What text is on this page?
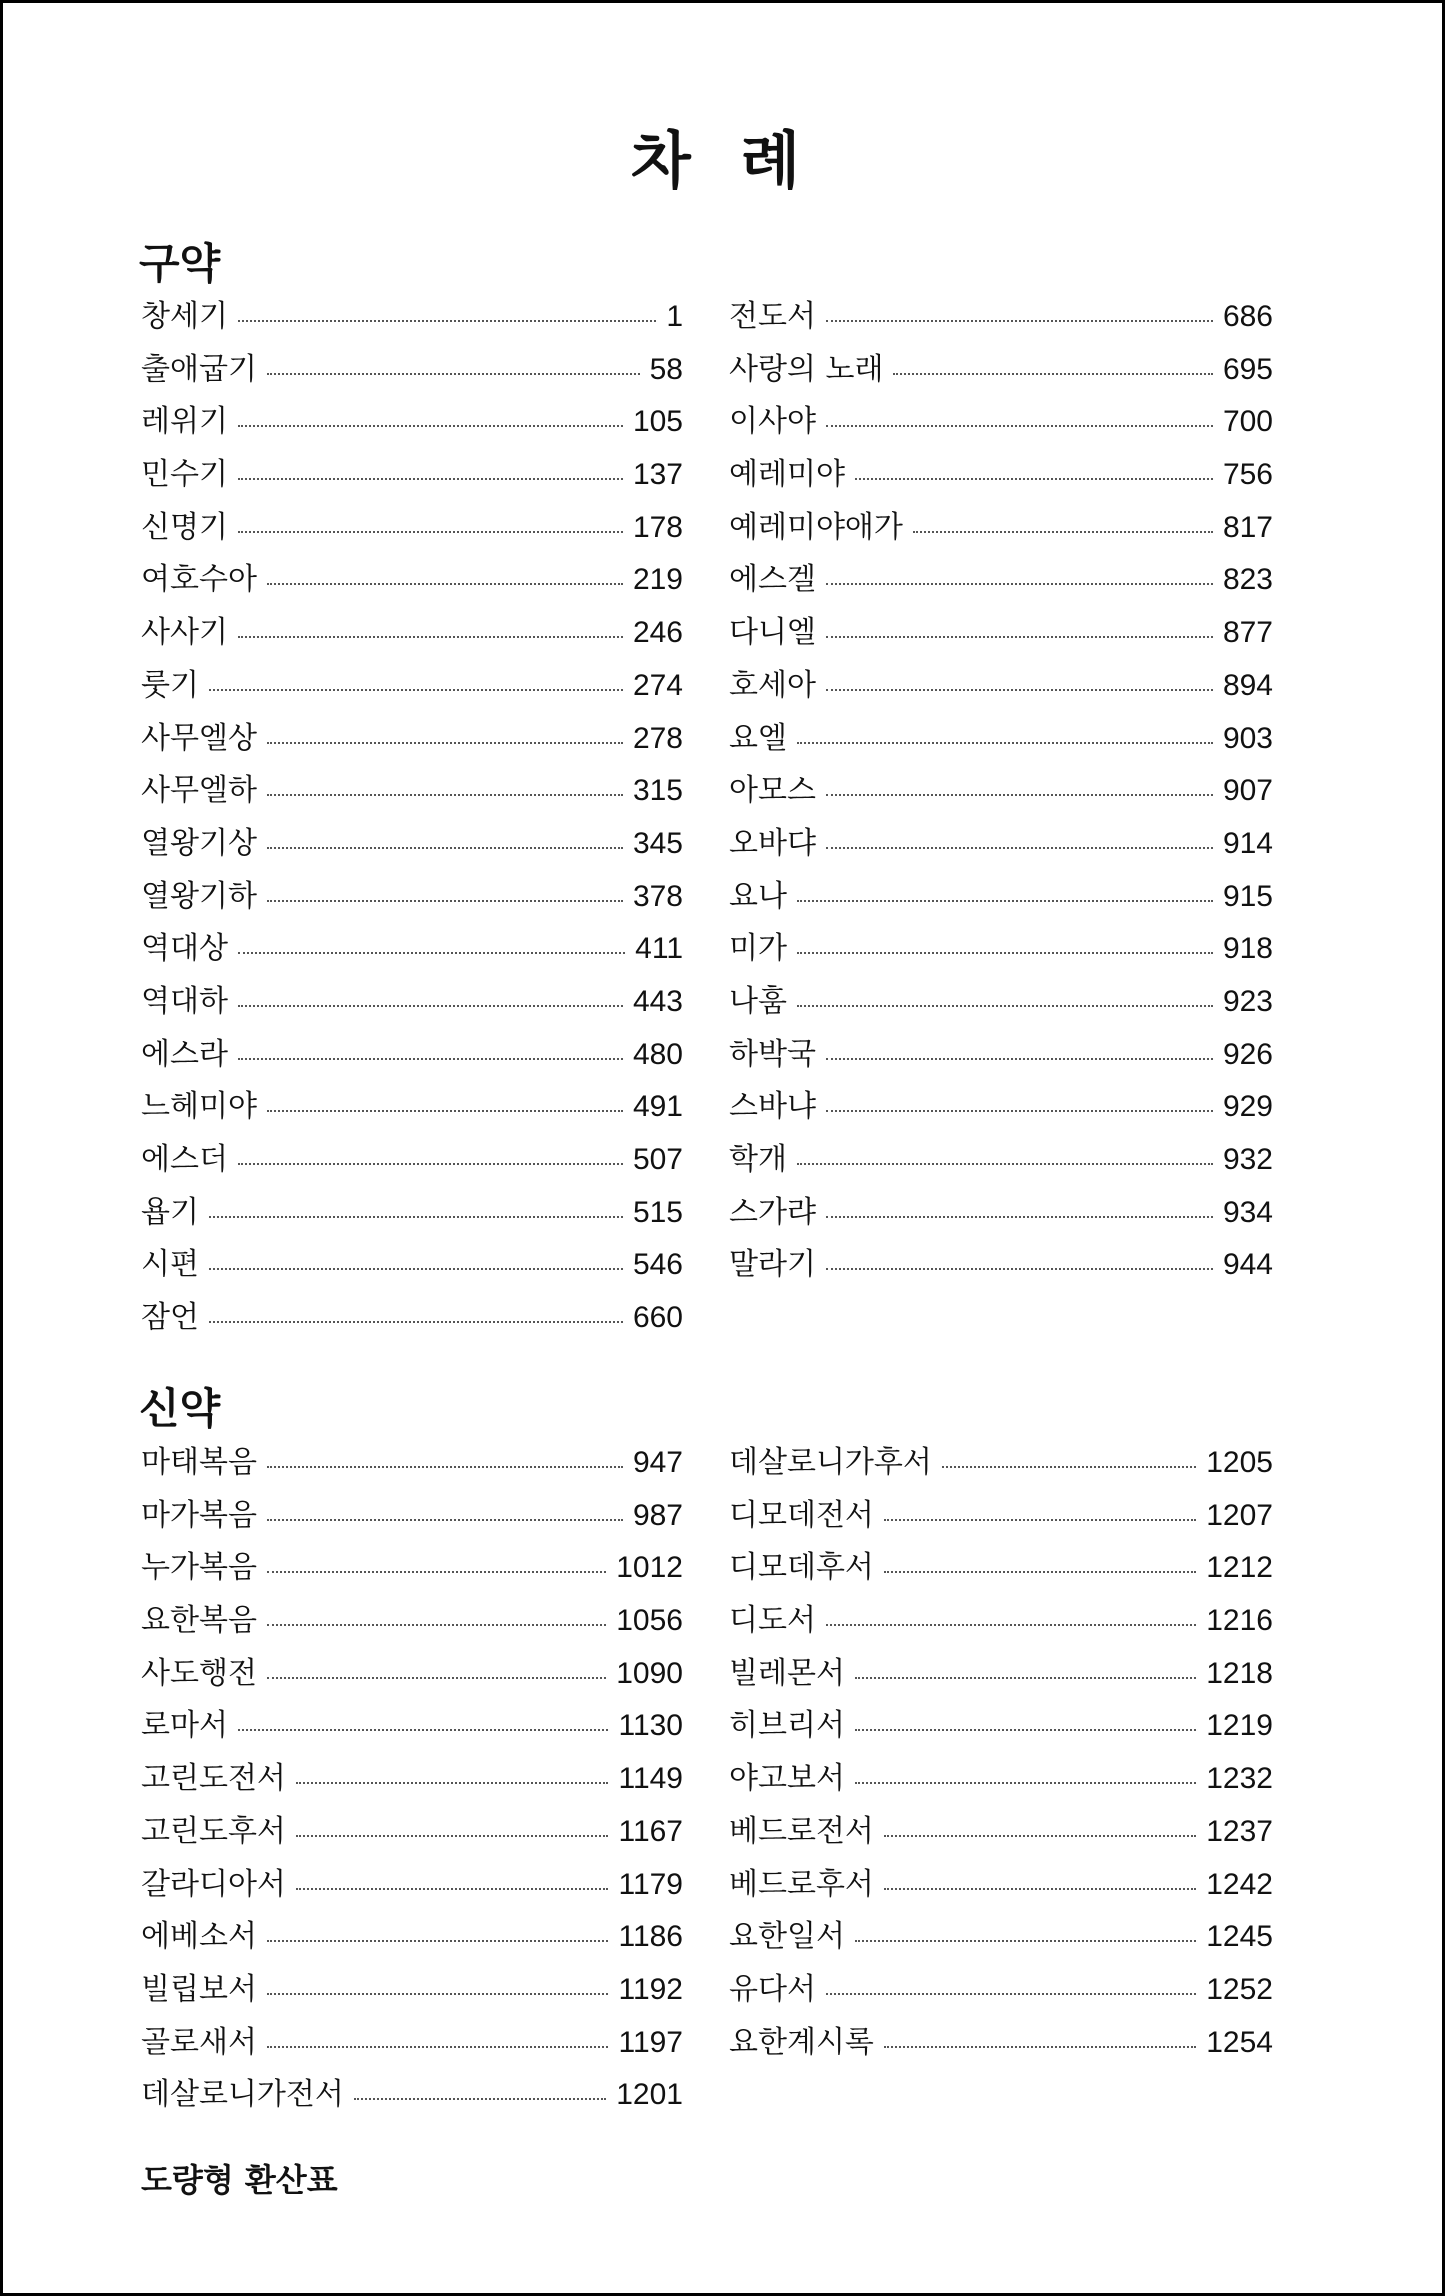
차 례
구약
창세기	1
출애굽기	58
레위기	105
민수기	137
신명기	178
여호수아	219
사사기	246
룻기	274
사무엘상	278
사무엘하	315
열왕기상	345
열왕기하	378
역대상	411
역대하	443
에스라	480
느헤미야	491
에스더	507
욥기	515
시편	546
잠언	660
전도서	686
사랑의 노래	695
이사야	700
예레미야	756
예레미야애가	817
에스겔	823
다니엘	877
호세아	894
요엘	903
아모스	907
오바댜	914
요나	915
미가	918
나훔	923
하박국	926
스바냐	929
학개	932
스가랴	934
말라기	944
신약
마태복음	947
마가복음	987
누가복음	1012
요한복음	1056
사도행전	1090
로마서	1130
고린도전서	1149
고린도후서	1167
갈라디아서	1179
에베소서	1186
빌립보서	1192
골로새서	1197
데살로니가전서	1201
데살로니가후서	1205
디모데전서	1207
디모데후서	1212
디도서	1216
빌레몬서	1218
히브리서	1219
야고보서	1232
베드로전서	1237
베드로후서	1242
요한일서	1245
유다서	1252
요한계시록	1254

도량형 환산표
